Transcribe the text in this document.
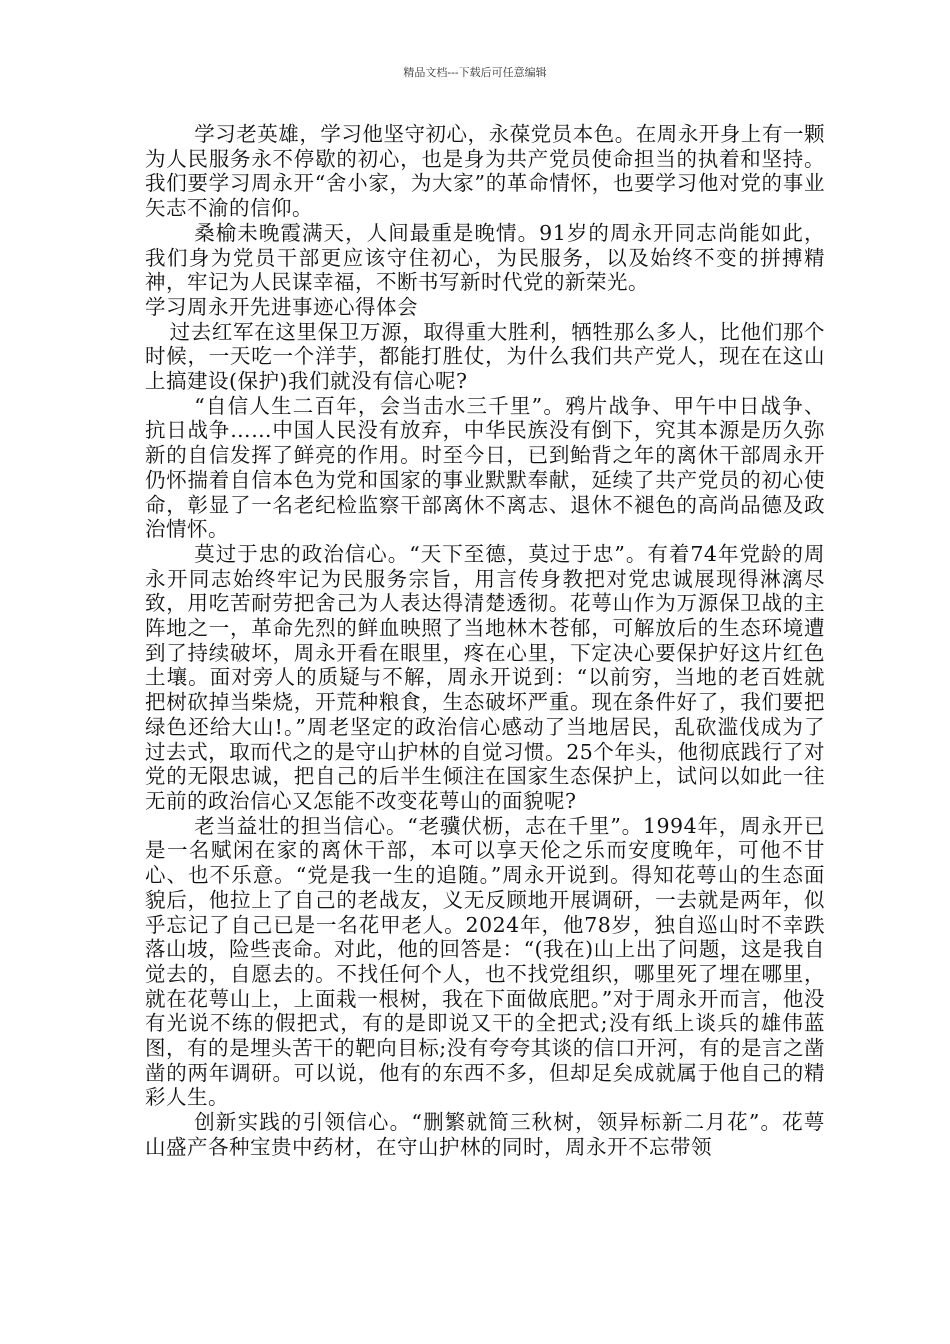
精品文档---下载后可任意编辑

学习老英雄，学习他坚守初心，永葆党员本色。在周永开身上有一颗为人民服务永不停歇的初心，也是身为共产党员使命担当的执着和坚持。我们要学习周永开“舍小家，为大家”的革命情怀，也要学习他对党的事业矢志不渝的信仰。

桑榆未晚霞满天，人间最重是晚情。91岁的周永开同志尚能如此，我们身为党员干部更应该守住初心，为民服务，以及始终不变的拼搏精神，牢记为人民谋幸福，不断书写新时代党的新荣光。

学习周永开先进事迹心得体会

过去红军在这里保卫万源，取得重大胜利，牺牲那么多人，比他们那个时候，一天吃一个洋芋，都能打胜仗，为什么我们共产党人，现在在这山上搞建设(保护)我们就没有信心呢?

“自信人生二百年，会当击水三千里”。鸦片战争、甲午中日战争、抗日战争……中国人民没有放弃，中华民族没有倒下，究其本源是历久弥新的自信发挥了鲜亮的作用。时至今日，已到鲐背之年的离休干部周永开仍怀揣着自信本色为党和国家的事业默默奉献，延续了共产党员的初心使命，彰显了一名老纪检监察干部离休不离志、退休不褪色的高尚品德及政治情怀。

莫过于忠的政治信心。“天下至德，莫过于忠”。有着74年党龄的周永开同志始终牢记为民服务宗旨，用言传身教把对党忠诚展现得淋漓尽致，用吃苦耐劳把舍己为人表达得清楚透彻。花萼山作为万源保卫战的主阵地之一，革命先烈的鲜血映照了当地林木苍郁，可解放后的生态环境遭到了持续破坏，周永开看在眼里，疼在心里，下定决心要保护好这片红色土壤。面对旁人的质疑与不解，周永开说到：“以前穷，当地的老百姓就把树砍掉当柴烧，开荒种粮食，生态破坏严重。现在条件好了，我们要把绿色还给大山!。”周老坚定的政治信心感动了当地居民，乱砍滥伐成为了过去式，取而代之的是守山护林的自觉习惯。25个年头，他彻底践行了对党的无限忠诚，把自己的后半生倾注在国家生态保护上，试问以如此一往无前的政治信心又怎能不改变花萼山的面貌呢?

老当益壮的担当信心。“老骥伏枥，志在千里”。1994年，周永开已是一名赋闲在家的离休干部，本可以享天伦之乐而安度晚年，可他不甘心、也不乐意。“党是我一生的追随。”周永开说到。得知花萼山的生态面貌后，他拉上了自己的老战友，义无反顾地开展调研，一去就是两年，似乎忘记了自己已是一名花甲老人。2024年，他78岁，独自巡山时不幸跌落山坡，险些丧命。对此，他的回答是：“(我在)山上出了问题，这是我自觉去的，自愿去的。不找任何个人，也不找党组织，哪里死了埋在哪里，就在花萼山上，上面栽一根树，我在下面做底肥。”对于周永开而言，他没有光说不练的假把式，有的是即说又干的全把式;没有纸上谈兵的雄伟蓝图，有的是埋头苦干的靶向目标;没有夸夸其谈的信口开河，有的是言之凿凿的两年调研。可以说，他有的东西不多，但却足矣成就属于他自己的精彩人生。

创新实践的引领信心。“删繁就简三秋树，领异标新二月花”。花萼山盛产各种宝贵中药材，在守山护林的同时，周永开不忘带领
